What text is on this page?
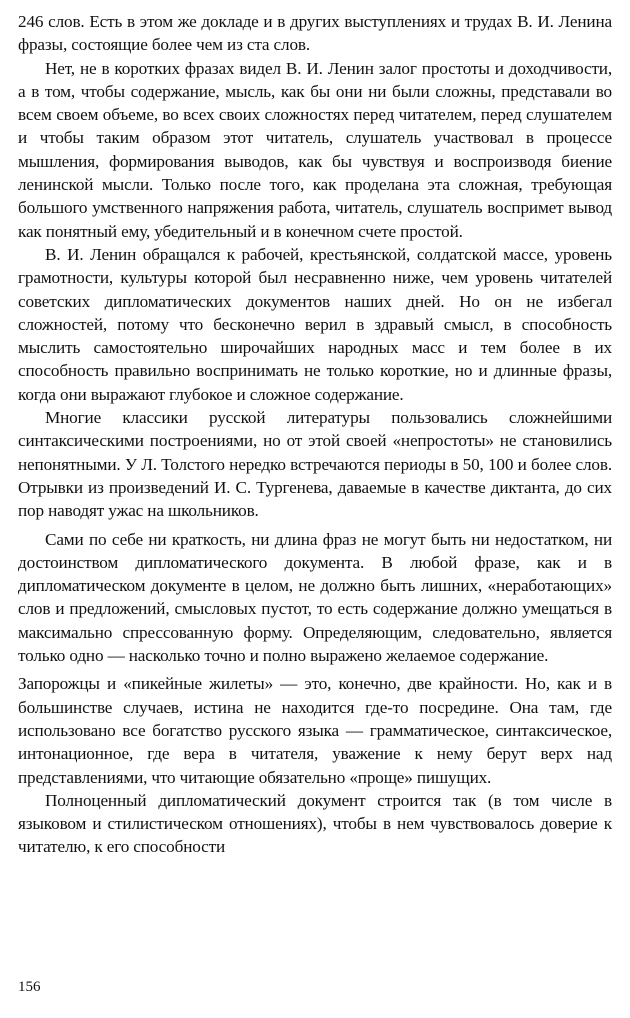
246 слов. Есть в этом же докладе и в других выступлениях и трудах В. И. Ленина фразы, состоящие более чем из ста слов.

Нет, не в коротких фразах видел В. И. Ленин залог простоты и доходчивости, а в том, чтобы содержание, мысль, как бы они ни были сложны, представали во всем своем объеме, во всех своих сложностях перед читателем, перед слушателем и чтобы таким образом этот читатель, слушатель участвовал в процессе мышления, формирования выводов, как бы чувствуя и воспроизводя биение ленинской мысли. Только после того, как проделана эта сложная, требующая большого умственного напряжения работа, читатель, слушатель воспримет вывод как понятный ему, убедительный и в конечном счете простой.

В. И. Ленин обращался к рабочей, крестьянской, солдатской массе, уровень грамотности, культуры которой был несравненно ниже, чем уровень читателей советских дипломатических документов наших дней. Но он не избегал сложностей, потому что бесконечно верил в здравый смысл, в способность мыслить самостоятельно широчайших народных масс и тем более в их способность правильно воспринимать не только короткие, но и длинные фразы, когда они выражают глубокое и сложное содержание.

Многие классики русской литературы пользовались сложнейшими синтаксическими построениями, но от этой своей «непростоты» не становились непонятными. У Л. Толстого нередко встречаются периоды в 50, 100 и более слов. Отрывки из произведений И. С. Тургенева, даваемые в качестве диктанта, до сих пор наводят ужас на школьников.

Сами по себе ни краткость, ни длина фраз не могут быть ни недостатком, ни достоинством дипломатического документа. В любой фразе, как и в дипломатическом документе в целом, не должно быть лишних, «неработающих» слов и предложений, смысловых пустот, то есть содержание должно умещаться в максимально спрессованную форму. Определяющим, следовательно, является только одно — насколько точно и полно выражено желаемое содержание.

Запорожцы и «пикейные жилеты» — это, конечно, две крайности. Но, как и в большинстве случаев, истина не находится где-то посредине. Она там, где использовано все богатство русского языка — грамматическое, синтаксическое, интонационное, где вера в читателя, уважение к нему берут верх над представлениями, что читающие обязательно «проще» пишущих.

Полноценный дипломатический документ строится так (в том числе в языковом и стилистическом отношениях), чтобы в нем чувствовалось доверие к читателю, к его способности

156
